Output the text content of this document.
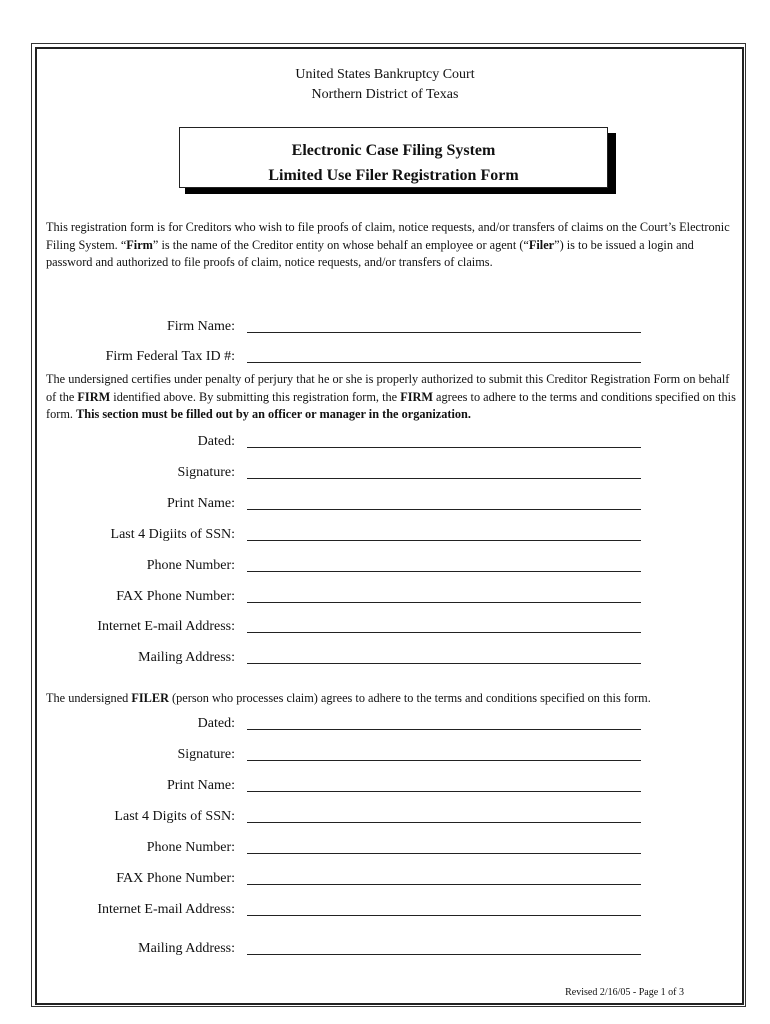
United States Bankruptcy Court
Northern District of Texas
Electronic Case Filing System
Limited Use Filer Registration Form
This registration form is for Creditors who wish to file proofs of claim, notice requests, and/or transfers of claims on the Court’s Electronic Filing System. “Firm” is the name of the Creditor entity on whose behalf an employee or agent (“Filer”) is to be issued a login and password and authorized to file proofs of claim, notice requests, and/or transfers of claims.
Firm Name:
Firm Federal Tax ID #:
The undersigned certifies under penalty of perjury that he or she is properly authorized to submit this Creditor Registration Form on behalf of the FIRM identified above. By submitting this registration form, the FIRM agrees to adhere to the terms and conditions specified on this form. This section must be filled out by an officer or manager in the organization.
Dated:
Signature:
Print Name:
Last 4 Digiits of SSN:
Phone Number:
FAX Phone Number:
Internet E-mail Address:
Mailing Address:
The undersigned FILER (person who processes claim) agrees to adhere to the terms and conditions specified on this form.
Dated:
Signature:
Print Name:
Last 4 Digits of SSN:
Phone Number:
FAX Phone Number:
Internet E-mail Address:
Mailing Address:
Revised 2/16/05 - Page 1 of 3
